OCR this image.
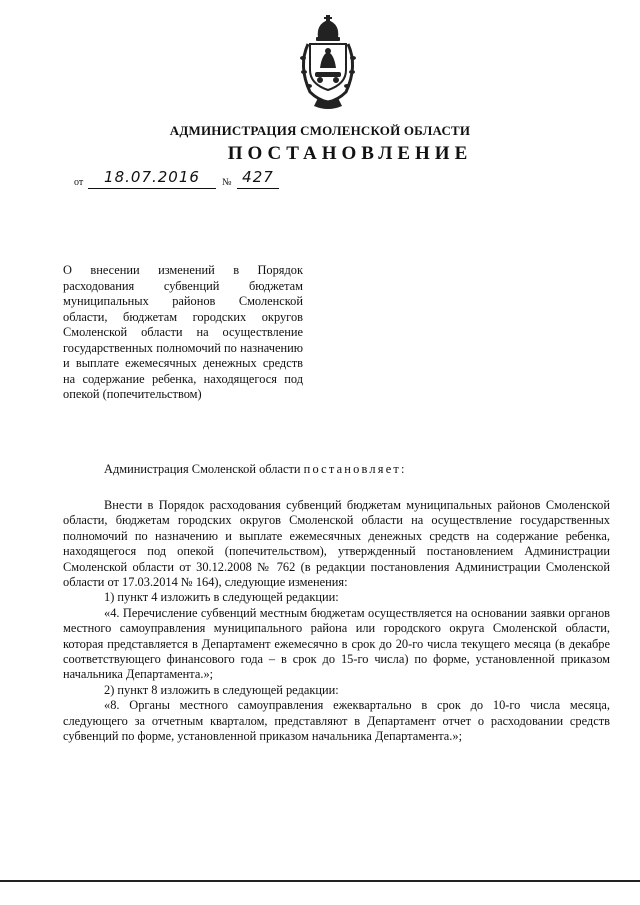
АДМИНИСТРАЦИЯ СМОЛЕНСКОЙ ОБЛАСТИ
ПОСТАНОВЛЕНИЕ
от	18.07.2016	№ 427
О внесении изменений в Порядок расходования субвенций бюджетам муниципальных районов Смоленской области, бюджетам городских округов Смоленской области на осуществление государственных полномочий по назначению и выплате ежемесячных денежных средств на содержание ребенка, находящегося под опекой (попечительством)
Администрация Смоленской области постановляет:

Внести в Порядок расходования субвенций бюджетам муниципальных районов Смоленской области, бюджетам городских округов Смоленской области на осуществление государственных полномочий по назначению и выплате ежемесячных денежных средств на содержание ребенка, находящегося под опекой (попечительством), утвержденный постановлением Администрации Смоленской области от 30.12.2008 № 762 (в редакции постановления Администрации Смоленской области от 17.03.2014 № 164), следующие изменения:

1) пункт 4 изложить в следующей редакции:

«4. Перечисление субвенций местным бюджетам осуществляется на основании заявки органов местного самоуправления муниципального района или городского округа Смоленской области, которая представляется в Департамент ежемесячно в срок до 20-го числа текущего месяца (в декабре соответствующего финансового года – в срок до 15-го числа) по форме, установленной приказом начальника Департамента.»;

2) пункт 8 изложить в следующей редакции:

«8. Органы местного самоуправления ежеквартально в срок до 10-го числа месяца, следующего за отчетным кварталом, представляют в Департамент отчет о расходовании средств субвенций по форме, установленной приказом начальника Департамента.»;
